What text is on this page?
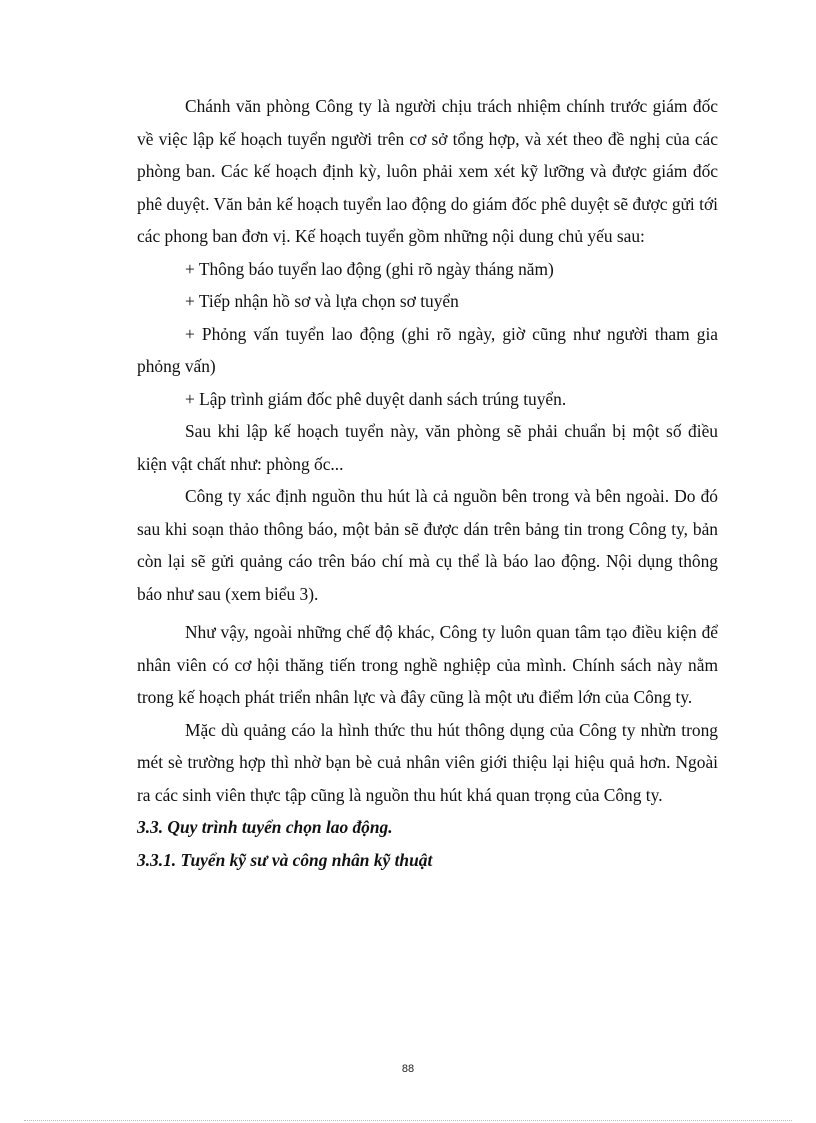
Chánh văn phòng Công ty là người chịu trách nhiệm chính trước giám đốc về việc lập kế hoạch tuyển người trên cơ sở tổng hợp, và xét theo đề nghị của các phòng ban. Các kế hoạch định kỳ, luôn phải xem xét kỹ lưỡng và được giám đốc phê duyệt. Văn bản kế hoạch tuyển lao động do giám đốc phê duyệt sẽ được gửi tới các phong ban đơn vị. Kế hoạch tuyển gồm những nội dung chủ yếu sau:

+ Thông báo tuyển lao động (ghi rõ ngày tháng năm)

+ Tiếp nhận hồ sơ và lựa chọn sơ tuyển

+ Phỏng vấn tuyển lao động (ghi rõ ngày, giờ cũng như người tham gia phỏng vấn)

+ Lập trình giám đốc phê duyệt danh sách trúng tuyển.

Sau khi lập kế hoạch tuyển này, văn phòng sẽ phải chuẩn bị một số điều kiện vật chất như: phòng ốc...

Công ty xác định nguồn thu hút là cả nguồn bên trong và bên ngoài. Do đó sau khi soạn thảo thông báo, một bản sẽ được dán trên bảng tin trong Công ty, bản còn lại sẽ gửi quảng cáo trên báo chí mà cụ thể là báo lao động. Nội dụng thông báo như sau (xem biểu 3).

Như vậy, ngoài những chế độ khác, Công ty luôn quan tâm tạo điều kiện để nhân viên có cơ hội thăng tiến trong nghề nghiệp của mình. Chính sách này nằm trong kế hoạch phát triển nhân lực và đây cũng là một ưu điểm lớn của Công ty.

Mặc dù quảng cáo la hình thức thu hút thông dụng của Công ty nhừn trong mét sè trường hợp thì nhờ bạn bè cuả nhân viên giới thiệu lại hiệu quả hơn. Ngoài ra các sinh viên thực tập cũng là nguồn thu hút khá quan trọng của Công ty.

3.3. Quy trình tuyển chọn lao động.

3.3.1. Tuyển kỹ sư và công nhân kỹ thuật

88
